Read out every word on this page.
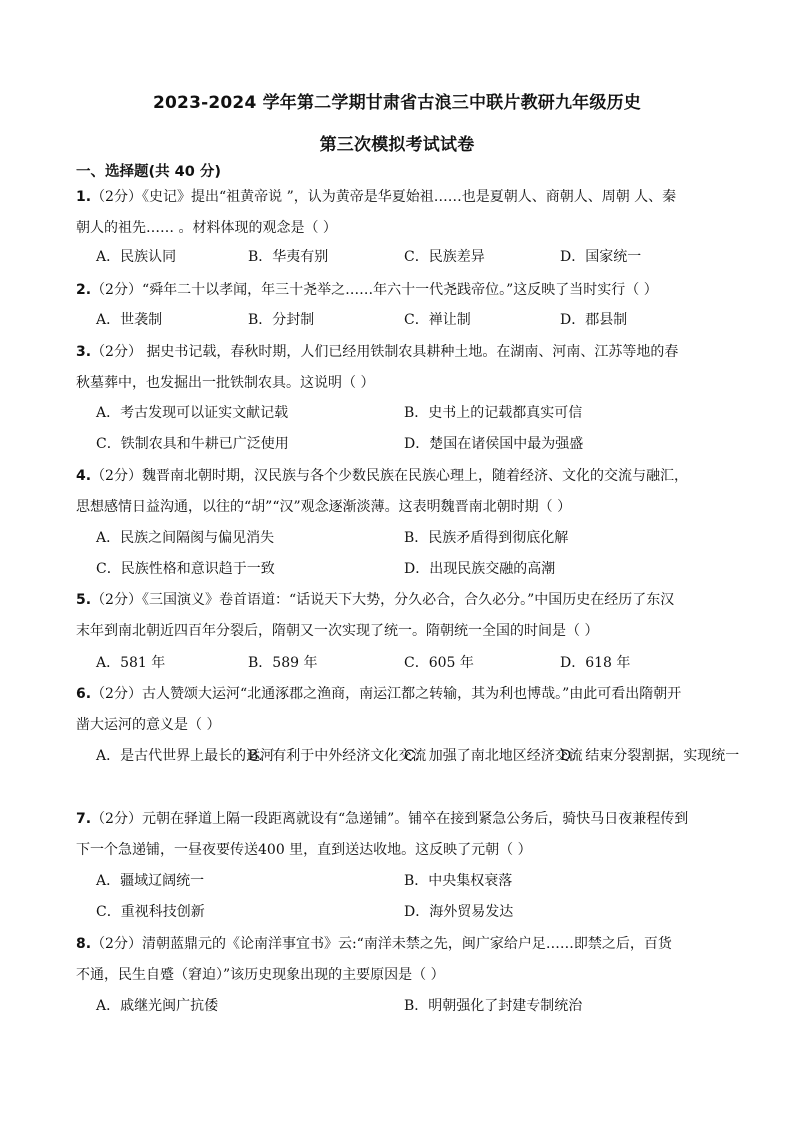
2023-2024 学年第二学期甘肃省古浪三中联片教研九年级历史
第三次模拟考试试卷
一、选择题(共 40 分)
1.（2分）《史记》提出“祖黄帝说 ”，认为黄帝是华夏始祖……也是夏朝人、商朝人、周朝 人、秦
朝人的祖先…… 。材料体现的观念是（ ）
A．民族认同	B．华夷有别	C．民族差异	D．国家统一
2.（2分）“舜年二十以孝闻，年三十尧举之……年六十一代尧践帝位。”这反映了当时实行（ ）
A．世袭制	B．分封制	C．禅让制	D．郡县制
3.（2分） 据史书记载，春秋时期，人们已经用铁制农具耕种土地。在湖南、河南、江苏等地的春
秋墓葬中，也发掘出一批铁制农具。这说明（ ）
A．考古发现可以证实文献记载	B．史书上的记载都真实可信
C．铁制农具和牛耕已广泛使用	D．楚国在诸侯国中最为强盛
4.（2分）魏晋南北朝时期，汉民族与各个少数民族在民族心理上，随着经济、文化的交流与融汇，
思想感情日益沟通，以往的“胡”“汉”观念逐渐淡薄。这表明魏晋南北朝时期（ ）
A．民族之间隔阂与偏见消失	B．民族矛盾得到彻底化解
C．民族性格和意识趋于一致	D．出现民族交融的高潮
5.（2分）《三国演义》卷首语道：“话说天下大势，分久必合，合久必分。”中国历史在经历了东汉
末年到南北朝近四百年分裂后，隋朝又一次实现了统一。隋朝统一全国的时间是（ ）
A．581 年	B．589 年	C．605 年	D．618 年
6.（2分）古人赞颂大运河“北通涿郡之渔商，南运江都之转输，其为利也博哉。”由此可看出隋朝开
凿大运河的意义是（ ）
A．是古代世界上最长的运河
B．有利于中外经济文化交流
C．加强了南北地区经济交流
D．结束分裂割据，实现统一
7.（2分）元朝在驿道上隔一段距离就设有“急递铺”。铺卒在接到紧急公务后，骑快马日夜兼程传到
下一个急递铺，一昼夜要传送400 里，直到送达收地。这反映了元朝（ ）
A．疆域辽阔统一	B．中央集权衰落
C．重视科技创新	D．海外贸易发达
8.（2分）清朝蓝鼎元的《论南洋事宜书》云:“南洋未禁之先，闽广家给户足……即禁之后，百货
不通，民生自蹙（窘迫）”该历史现象出现的主要原因是（ ）
A．戚继光闽广抗倭	B．明朝强化了封建专制统治
